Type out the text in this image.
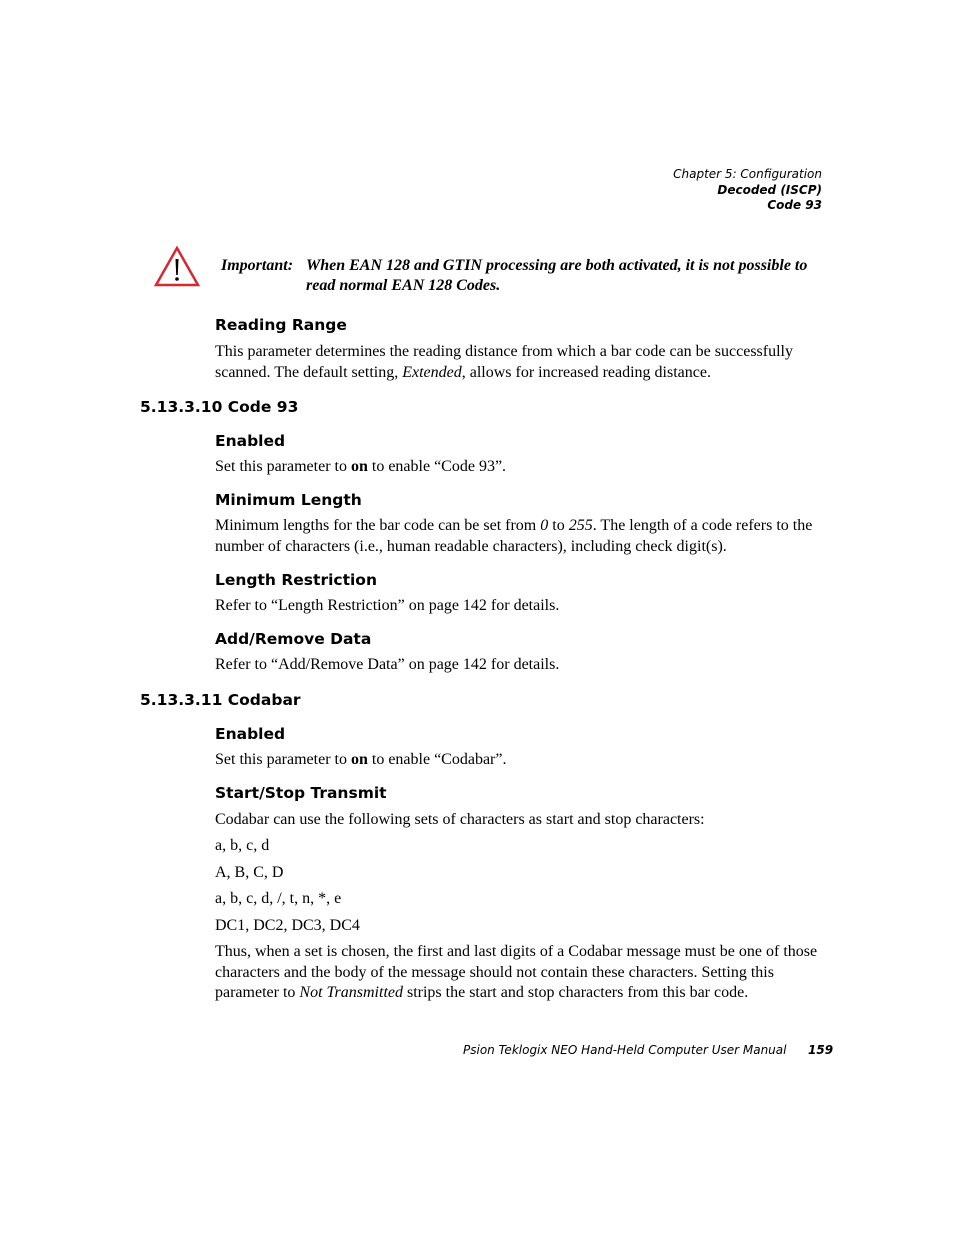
Chapter 5: Configuration
Decoded (ISCP)
Code 93
Important: When EAN 128 and GTIN processing are both activated, it is not possible to read normal EAN 128 Codes.
Reading Range
This parameter determines the reading distance from which a bar code can be successfully scanned. The default setting, Extended, allows for increased reading distance.
5.13.3.10 Code 93
Enabled
Set this parameter to on to enable “Code 93”.
Minimum Length
Minimum lengths for the bar code can be set from 0 to 255. The length of a code refers to the number of characters (i.e., human readable characters), including check digit(s).
Length Restriction
Refer to “Length Restriction” on page 142 for details.
Add/Remove Data
Refer to “Add/Remove Data” on page 142 for details.
5.13.3.11 Codabar
Enabled
Set this parameter to on to enable “Codabar”.
Start/Stop Transmit
Codabar can use the following sets of characters as start and stop characters:
a, b, c, d
A, B, C, D
a, b, c, d, /, t, n, *, e
DC1, DC2, DC3, DC4
Thus, when a set is chosen, the first and last digits of a Codabar message must be one of those characters and the body of the message should not contain these characters. Setting this parameter to Not Transmitted strips the start and stop characters from this bar code.
Psion Teklogix NEO Hand-Held Computer User Manual 159
